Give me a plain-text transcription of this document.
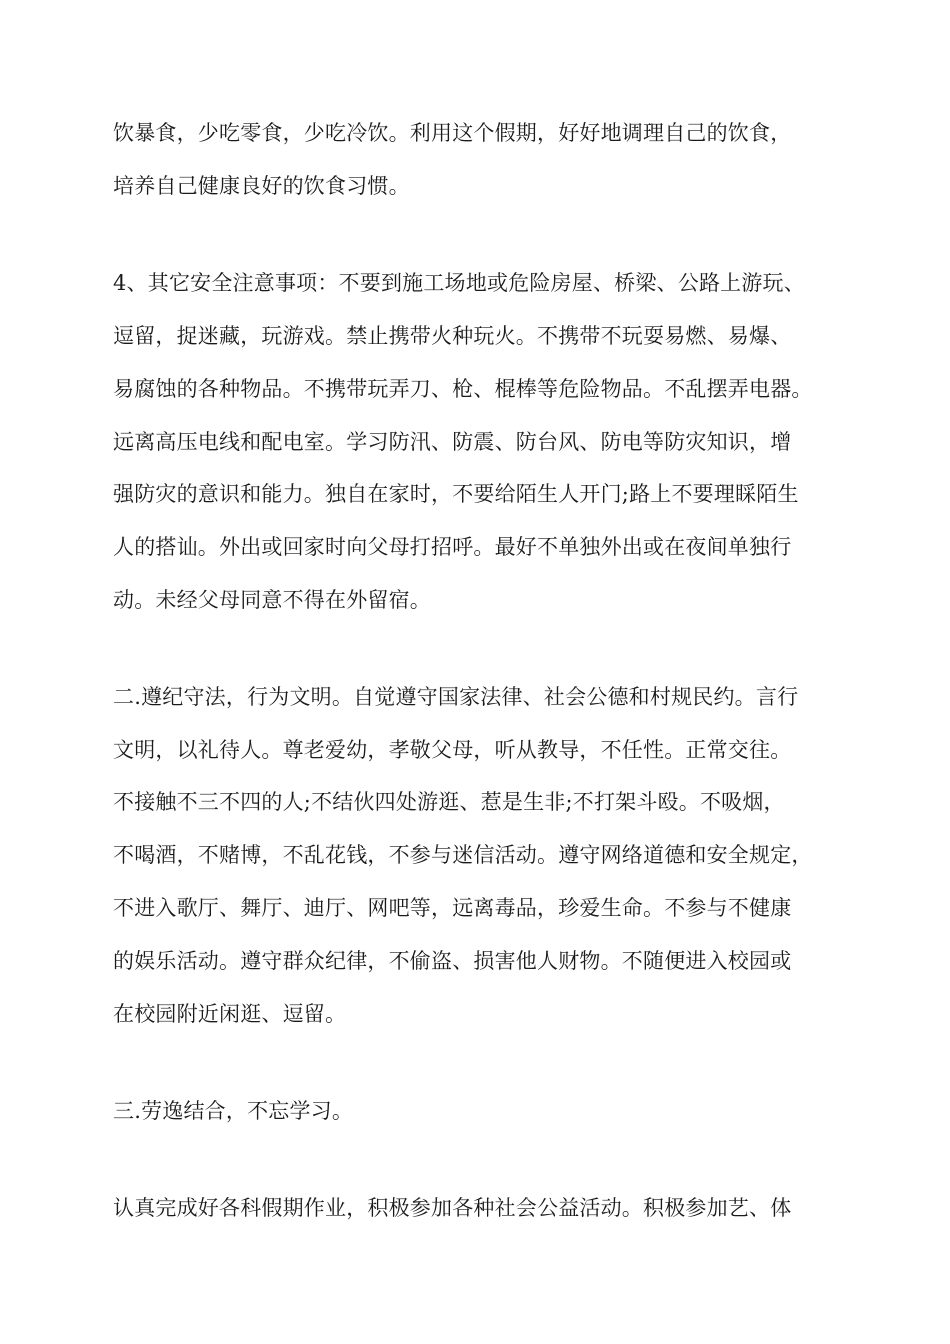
饮暴食，少吃零食，少吃冷饮。利用这个假期，好好地调理自己的饮食，
培养自己健康良好的饮食习惯。
4、其它安全注意事项：不要到施工场地或危险房屋、桥梁、公路上游玩、
逗留，捉迷藏，玩游戏。禁止携带火种玩火。不携带不玩耍易燃、易爆、
易腐蚀的各种物品。不携带玩弄刀、枪、棍棒等危险物品。不乱摆弄电器。
远离高压电线和配电室。学习防汛、防震、防台风、防电等防灾知识，增
强防灾的意识和能力。独自在家时，不要给陌生人开门;路上不要理睬陌生
人的搭讪。外出或回家时向父母打招呼。最好不单独外出或在夜间单独行
动。未经父母同意不得在外留宿。
二.遵纪守法，行为文明。自觉遵守国家法律、社会公德和村规民约。言行
文明，以礼待人。尊老爱幼，孝敬父母，听从教导，不任性。正常交往。
不接触不三不四的人;不结伙四处游逛、惹是生非;不打架斗殴。不吸烟，
不喝酒，不赌博，不乱花钱，不参与迷信活动。遵守网络道德和安全规定，
不进入歌厅、舞厅、迪厅、网吧等，远离毒品，珍爱生命。不参与不健康
的娱乐活动。遵守群众纪律，不偷盗、损害他人财物。不随便进入校园或
在校园附近闲逛、逗留。
三.劳逸结合，不忘学习。
认真完成好各科假期作业，积极参加各种社会公益活动。积极参加艺、体
